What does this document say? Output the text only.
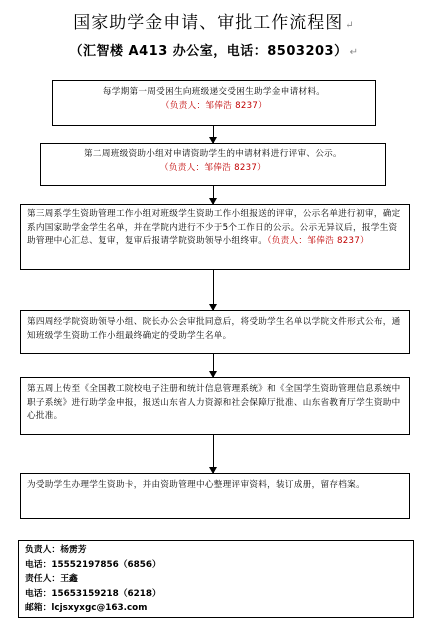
国家助学金申请、审批工作流程图 ↵
（汇智楼 A413 办公室，电话：8503203） ↵
每学期第一周受困生向班级递交受困生助学金申请材料。
（负责人：邹俸浩 8237）
第二周班级资助小组对申请资助学生的申请材料进行评审、公示。
（负责人：邹俸浩 8237）
第三周系学生资助管理工作小组对班级学生资助工作小组报送的评审，公示名单进行初审，确定系内国家助学金学生名单，并在学院内进行不少于5个工作日的公示。公示无异议后，报学生资助管理中心汇总、复审，复审后报请学院资助领导小组终审。（负责人：邹俸浩 8237）
第四周经学院资助领导小组、院长办公会审批同意后，将受助学生名单以学院文件形式公布，通知班级学生资助工作小组最终确定的受助学生名单。
第五周上传至《全国教工院校电子注册和统计信息管理系统》和《全国学生资助管理信息系统中职子系统》进行助学金申报，报送山东省人力资源和社会保障厅批准、山东省教育厅学生资助中心批准。
为受助学生办理学生资助卡，并由资助管理中心整理评审资料，装订成册，留存档案。
负责人：杨雳芳
电话：15552197856（6856）
责任人：王鑫
电话：15653159218（6218）
邮箱：lcjsxyxgc@163.com
